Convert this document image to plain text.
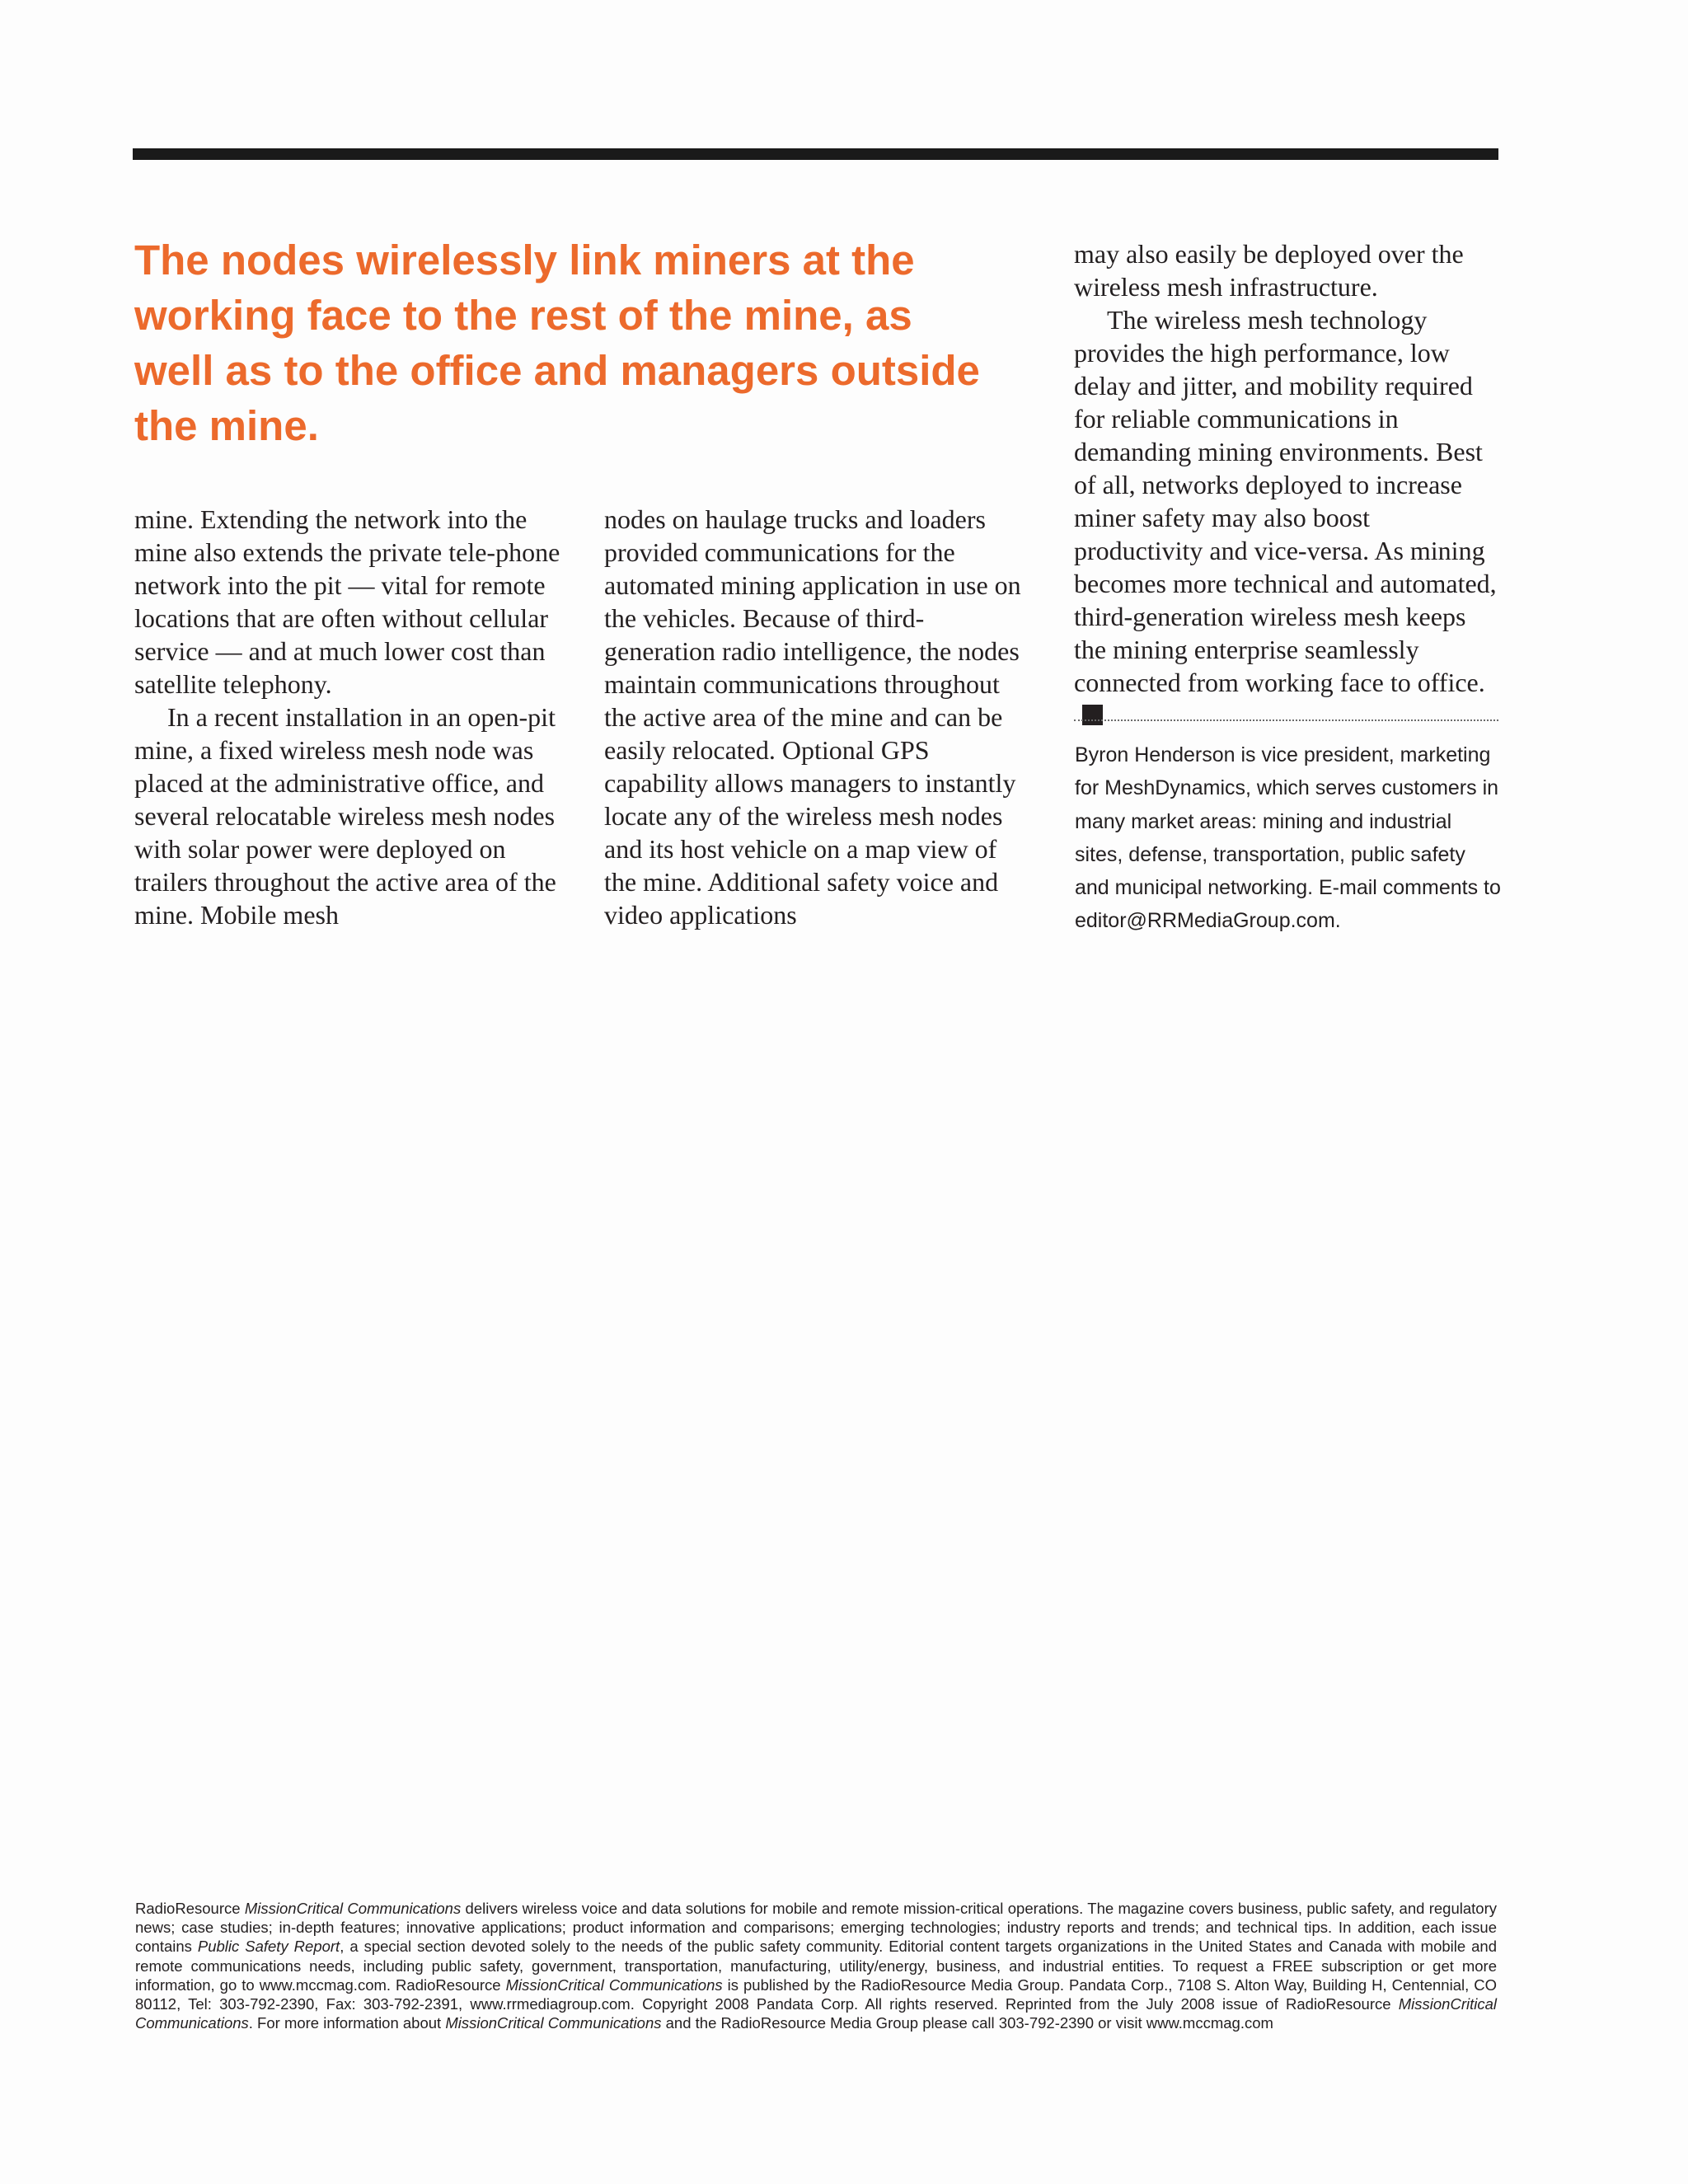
The nodes wirelessly link miners at the working face to the rest of the mine, as well as to the office and managers outside the mine.

mine. Extending the network into the mine also extends the private tele-phone network into the pit — vital for remote locations that are often without cellular service — and at much lower cost than satellite telephony.

In a recent installation in an open-pit mine, a fixed wireless mesh node was placed at the administrative office, and several relocatable wireless mesh nodes with solar power were deployed on trailers throughout the active area of the mine. Mobile mesh

nodes on haulage trucks and loaders provided communications for the automated mining application in use on the vehicles. Because of third-generation radio intelligence, the nodes maintain communications throughout the active area of the mine and can be easily relocated. Optional GPS capability allows managers to instantly locate any of the wireless mesh nodes and its host vehicle on a map view of the mine. Additional safety voice and video applications

may also easily be deployed over the wireless mesh infrastructure.

The wireless mesh technology provides the high performance, low delay and jitter, and mobility required for reliable communications in demanding mining environments. Best of all, networks deployed to increase miner safety may also boost productivity and vice-versa. As mining becomes more technical and automated, third-generation wireless mesh keeps the mining enterprise seamlessly connected from working face to office.

Byron Henderson is vice president, marketing for MeshDynamics, which serves customers in many market areas: mining and industrial sites, defense, transportation, public safety and municipal networking. E-mail comments to editor@RRMediaGroup.com.

RadioResource MissionCritical Communications delivers wireless voice and data solutions for mobile and remote mission-critical operations. The magazine covers business, public safety, and regulatory news; case studies; in-depth features; innovative applications; product information and comparisons; emerging technologies; industry reports and trends; and technical tips. In addition, each issue contains Public Safety Report, a special section devoted solely to the needs of the public safety community. Editorial content targets organizations in the United States and Canada with mobile and remote communications needs, including public safety, government, transportation, manufacturing, utility/energy, business, and industrial entities. To request a FREE subscription or get more information, go to www.mccmag.com. RadioResource MissionCritical Communications is published by the RadioResource Media Group. Pandata Corp., 7108 S. Alton Way, Building H, Centennial, CO 80112, Tel: 303-792-2390, Fax: 303-792-2391, www.rrmediagroup.com. Copyright 2008 Pandata Corp. All rights reserved. Reprinted from the July 2008 issue of RadioResource MissionCritical Communications. For more information about MissionCritical Communications and the RadioResource Media Group please call 303-792-2390 or visit www.mccmag.com
